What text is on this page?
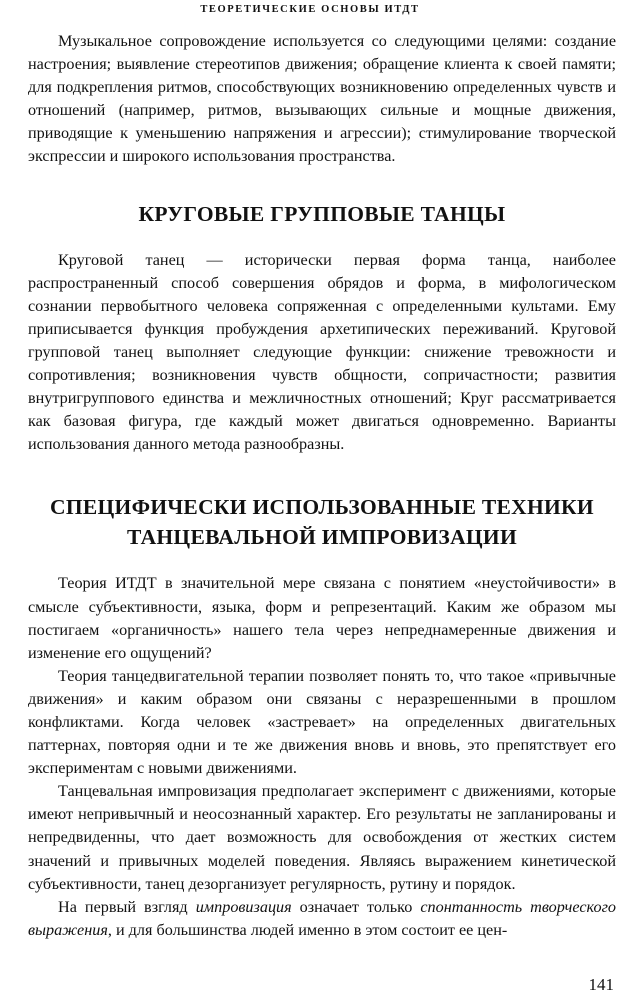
ТЕОРЕТИЧЕСКИЕ ОСНОВЫ ИТДТ

Музыкальное сопровождение используется со следующими целями: создание настроения; выявление стереотипов движения; обращение клиента к своей памяти; для подкрепления ритмов, способствующих возникновению определенных чувств и отношений (например, ритмов, вызывающих сильные и мощные движения, приводящие к уменьшению напряжения и агрессии); стимулирование творческой экспрессии и широкого использования пространства.

КРУГОВЫЕ ГРУППОВЫЕ ТАНЦЫ

Круговой танец — исторически первая форма танца, наиболее распространенный способ совершения обрядов и форма, в мифологическом сознании первобытного человека сопряженная с определенными культами. Ему приписывается функция пробуждения архетипических переживаний. Круговой групповой танец выполняет следующие функции: снижение тревожности и сопротивления; возникновения чувств общности, сопричастности; развития внутригруппового единства и межличностных отношений; Круг рассматривается как базовая фигура, где каждый может двигаться одновременно. Варианты использования данного метода разнообразны.

СПЕЦИФИЧЕСКИ ИСПОЛЬЗОВАННЫЕ ТЕХНИКИ
ТАНЦЕВАЛЬНОЙ ИМПРОВИЗАЦИИ

Теория ИТДТ в значительной мере связана с понятием «неустойчивости» в смысле субъективности, языка, форм и репрезентаций. Каким же образом мы постигаем «органичность» нашего тела через непреднамеренные движения и изменение его ощущений?

Теория танцедвигательной терапии позволяет понять то, что такое «привычные движения» и каким образом они связаны с неразрешенными в прошлом конфликтами. Когда человек «застревает» на определенных двигательных паттернах, повторяя одни и те же движения вновь и вновь, это препятствует его экспериментам с новыми движениями.

Танцевальная импровизация предполагает эксперимент с движениями, которые имеют непривычный и неосознанный характер. Его результаты не запланированы и непредвиденны, что дает возможность для освобождения от жестких систем значений и привычных моделей поведения. Являясь выражением кинетической субъективности, танец дезорганизует регулярность, рутину и порядок.

На первый взгляд импровизация означает только спонтанность творческого выражения, и для большинства людей именно в этом состоит ее цен-

141
